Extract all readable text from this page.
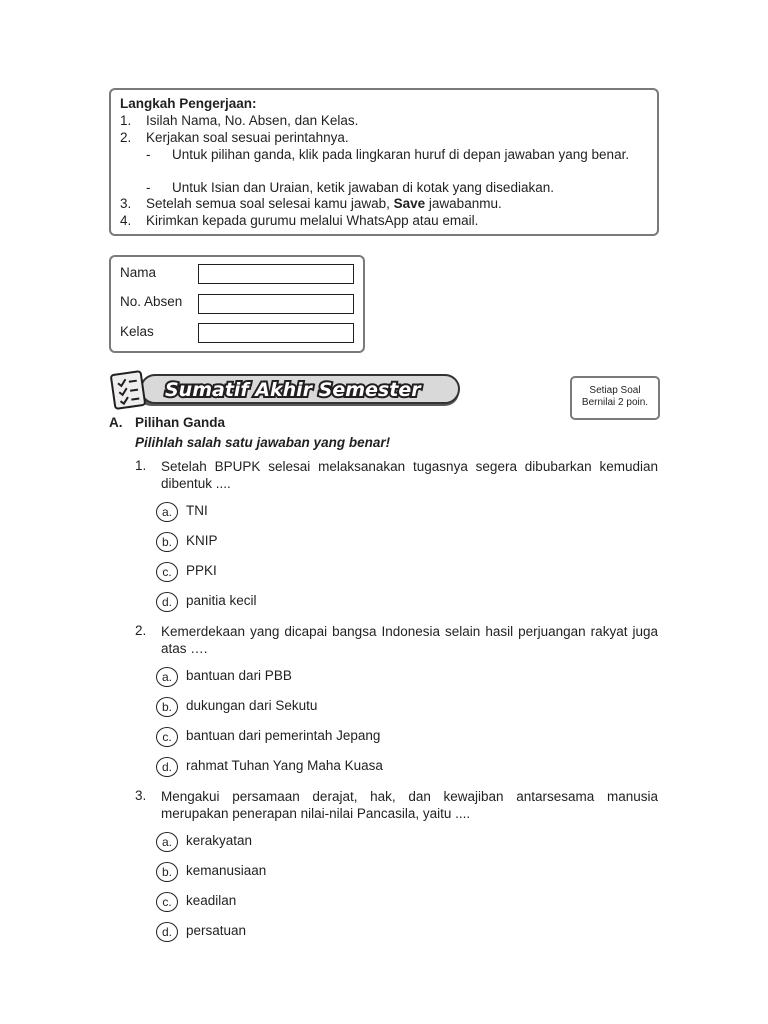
Langkah Pengerjaan:
1. Isilah Nama, No. Absen, dan Kelas.
2. Kerjakan soal sesuai perintahnya.
- Untuk pilihan ganda, klik pada lingkaran huruf di depan jawaban yang benar.
- Untuk Isian dan Uraian, ketik jawaban di kotak yang disediakan.
3. Setelah semua soal selesai kamu jawab, Save jawabanmu.
4. Kirimkan kepada gurumu melalui WhatsApp atau email.
Nama
No. Absen
Kelas
Sumatif Akhir Semester	Setiap Soal
Bernilai 2 poin.
A. Pilihan Ganda
Pilihlah salah satu jawaban yang benar!
1. Setelah BPUPK selesai melaksanakan tugasnya segera dibubarkan kemudian dibentuk ....
a.	TNI
b.	KNIP
c.	PPKI
d.	panitia kecil
2. Kemerdekaan yang dicapai bangsa Indonesia selain hasil perjuangan rakyat juga atas ….
a.	bantuan dari PBB
b.	dukungan dari Sekutu
c.	bantuan dari pemerintah Jepang
d.	rahmat Tuhan Yang Maha Kuasa
3. Mengakui persamaan derajat, hak, dan kewajiban antarsesama manusia merupakan penerapan nilai-nilai Pancasila, yaitu ....
a.	kerakyatan
b.	kemanusiaan
c.	keadilan
d.	persatuan
